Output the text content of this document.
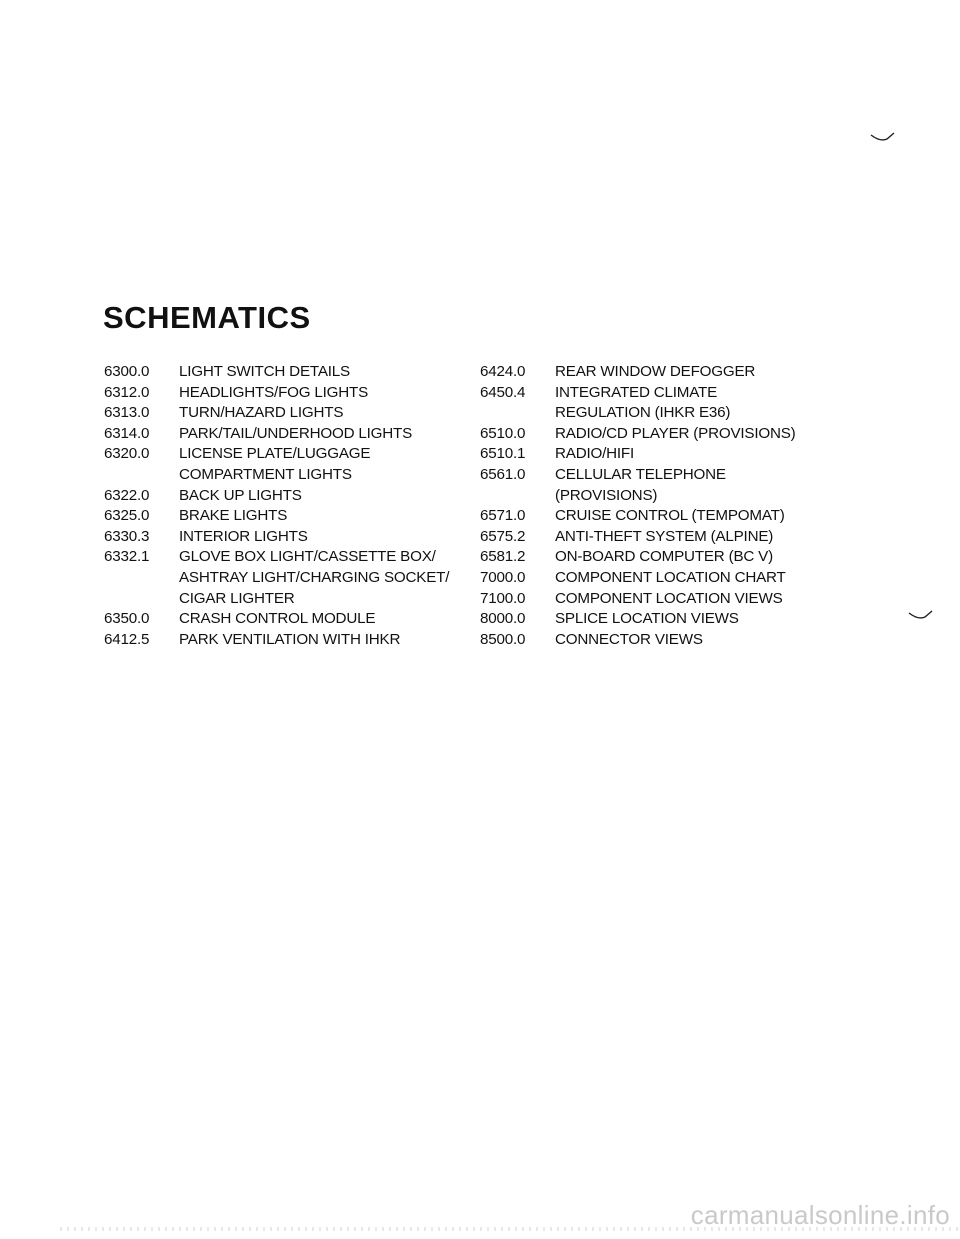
SCHEMATICS
6300.0	LIGHT SWITCH DETAILS
6312.0	HEADLIGHTS/FOG LIGHTS
6313.0	TURN/HAZARD LIGHTS
6314.0	PARK/TAIL/UNDERHOOD LIGHTS
6320.0	LICENSE PLATE/LUGGAGE
COMPARTMENT LIGHTS
6322.0	BACK UP LIGHTS
6325.0	BRAKE LIGHTS
6330.3	INTERIOR LIGHTS
6332.1	GLOVE BOX LIGHT/CASSETTE BOX/
ASHTRAY LIGHT/CHARGING SOCKET/
CIGAR LIGHTER
6350.0	CRASH CONTROL MODULE
6412.5	PARK VENTILATION WITH IHKR
6424.0	REAR WINDOW DEFOGGER
6450.4	INTEGRATED CLIMATE
REGULATION (IHKR E36)
6510.0	RADIO/CD PLAYER (PROVISIONS)
6510.1	RADIO/HIFI
6561.0	CELLULAR TELEPHONE
(PROVISIONS)
6571.0	CRUISE CONTROL (TEMPOMAT)
6575.2	ANTI-THEFT SYSTEM (ALPINE)
6581.2	ON-BOARD COMPUTER (BC V)
7000.0	COMPONENT LOCATION CHART
7100.0	COMPONENT LOCATION VIEWS
8000.0	SPLICE LOCATION VIEWS
8500.0	CONNECTOR VIEWS
carmanualsonline.info
